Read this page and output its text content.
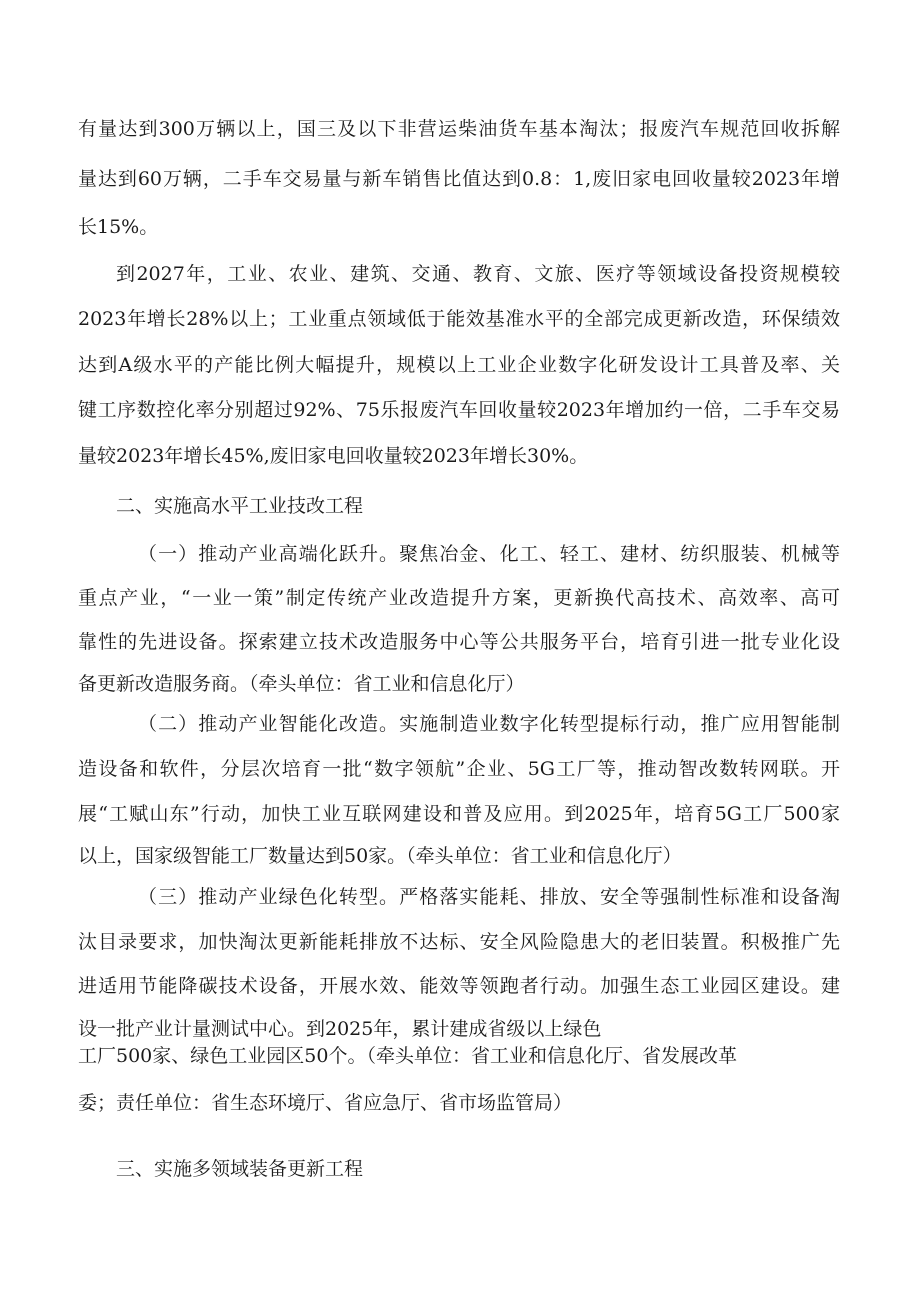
有量达到300万辆以上，国三及以下非营运柴油货车基本淘汰；报废汽车规范回收拆解

量达到60万辆，二手车交易量与新车销售比值达到0.8：1,废旧家电回收量较2023年增

长15%。

到2027年，工业、农业、建筑、交通、教育、文旅、医疗等领域设备投资规模较

2023年增长28%以上；工业重点领域低于能效基准水平的全部完成更新改造，环保绩效

达到A级水平的产能比例大幅提升，规模以上工业企业数字化研发设计工具普及率、关

键工序数控化率分别超过92%、75乐报废汽车回收量较2023年增加约一倍，二手车交易

量较2023年增长45%,废旧家电回收量较2023年增长30%。

二、实施高水平工业技改工程

（一）推动产业高端化跃升。聚焦冶金、化工、轻工、建材、纺织服装、机械等

重点产业，“一业一策”制定传统产业改造提升方案，更新换代高技术、高效率、高可

靠性的先进设备。探索建立技术改造服务中心等公共服务平台，培育引进一批专业化设

备更新改造服务商。（牵头单位：省工业和信息化厅）

（二）推动产业智能化改造。实施制造业数字化转型提标行动，推广应用智能制

造设备和软件，分层次培育一批“数字领航”企业、5G工厂等，推动智改数转网联。开

展“工赋山东”行动，加快工业互联网建设和普及应用。到2025年，培育5G工厂500家

以上，国家级智能工厂数量达到50家。（牵头单位：省工业和信息化厅）

（三）推动产业绿色化转型。严格落实能耗、排放、安全等强制性标准和设备淘

汰目录要求，加快淘汰更新能耗排放不达标、安全风险隐患大的老旧装置。积极推广先

进适用节能降碳技术设备，开展水效、能效等领跑者行动。加强生态工业园区建设。建

设一批产业计量测试中心。到2025年，累计建成省级以上绿色

工厂500家、绿色工业园区50个。（牵头单位：省工业和信息化厅、省发展改革

委；责任单位：省生态环境厅、省应急厅、省市场监管局）

三、实施多领域装备更新工程
